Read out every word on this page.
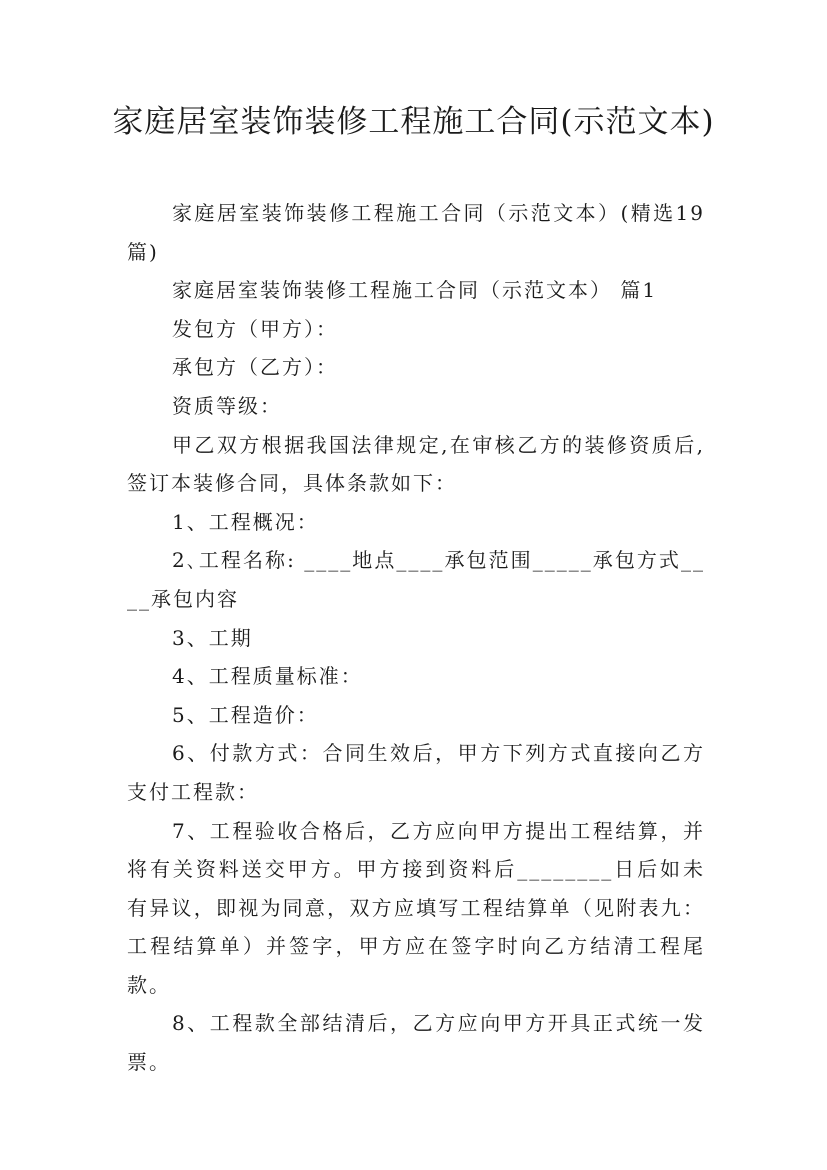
家庭居室装饰装修工程施工合同(示范文本)

家庭居室装饰装修工程施工合同（示范文本）(精选19篇)

家庭居室装饰装修工程施工合同（示范文本） 篇1

发包方（甲方）：

承包方（乙方）：

资质等级：

甲乙双方根据我国法律规定,在审核乙方的装修资质后,签订本装修合同，具体条款如下：

1、工程概况：

2､工程名称: ____地点____承包范围_____承包方式____承包内容

3、工期

4、工程质量标准：

5、工程造价：

6、付款方式：合同生效后，甲方下列方式直接向乙方支付工程款：

7、工程验收合格后，乙方应向甲方提出工程结算，并将有关资料送交甲方。甲方接到资料后________日后如未有异议，即视为同意，双方应填写工程结算单（见附表九：工程结算单）并签字，甲方应在签字时向乙方结清工程尾款。

8、工程款全部结清后，乙方应向甲方开具正式统一发票。
